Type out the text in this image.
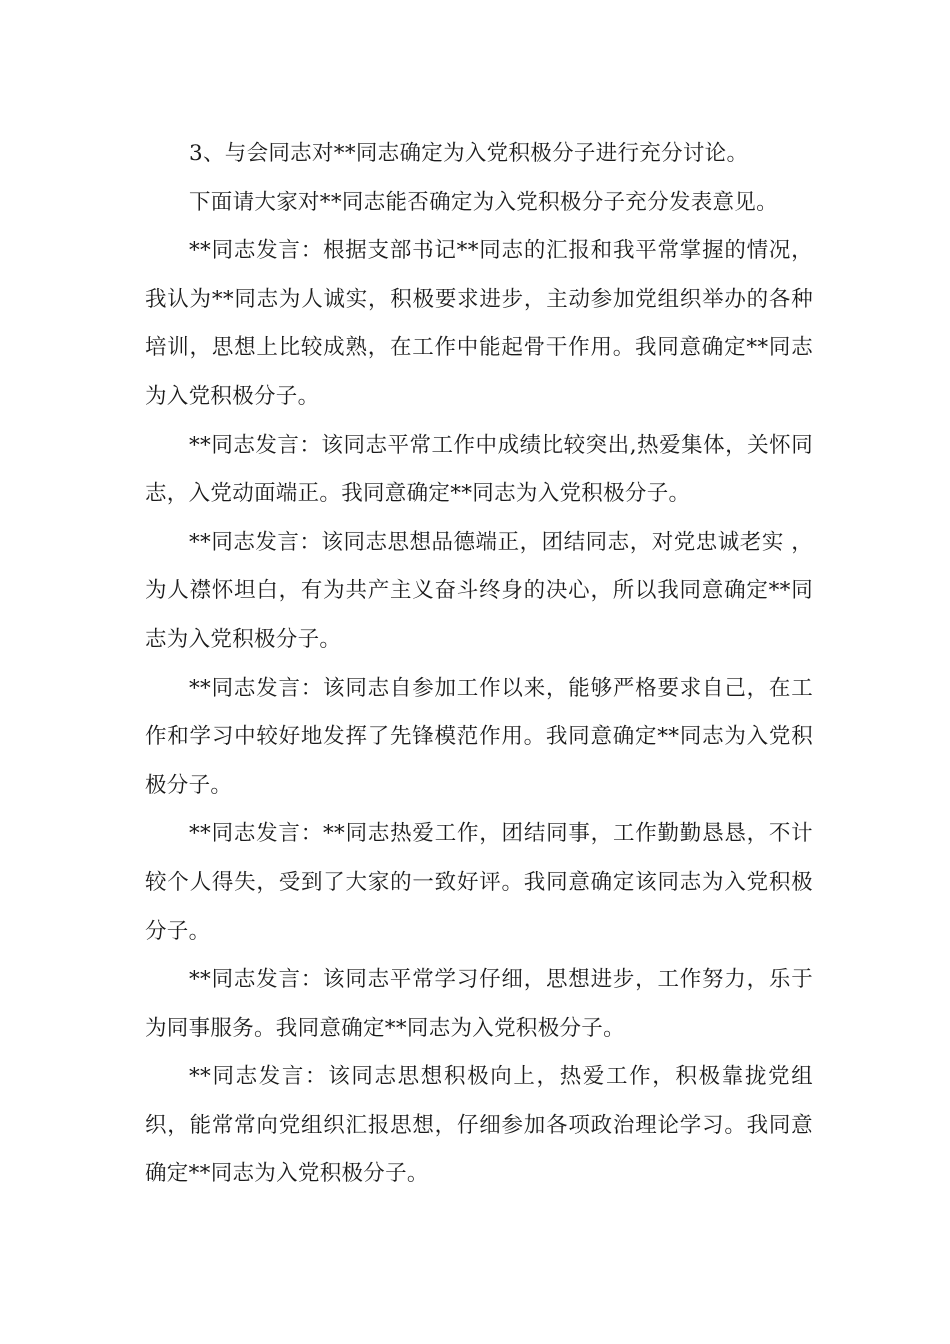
3、与会同志对**同志确定为入党积极分子进行充分讨论。

下面请大家对**同志能否确定为入党积极分子充分发表意见。

**同志发言：根据支部书记**同志的汇报和我平常掌握的情况，我认为**同志为人诚实，积极要求进步，主动参加党组织举办的各种培训，思想上比较成熟，在工作中能起骨干作用。我同意确定**同志为入党积极分子。

**同志发言：该同志平常工作中成绩比较突出,热爱集体，关怀同志，入党动面端正。我同意确定**同志为入党积极分子。

**同志发言：该同志思想品德端正，团结同志，对党忠诚老实 ，为人襟怀坦白，有为共产主义奋斗终身的决心，所以我同意确定**同志为入党积极分子。

**同志发言：该同志自参加工作以来，能够严格要求自己，在工作和学习中较好地发挥了先锋模范作用。我同意确定**同志为入党积极分子。

**同志发言：**同志热爱工作，团结同事，工作勤勤恳恳，不计较个人得失，受到了大家的一致好评。我同意确定该同志为入党积极分子。

**同志发言：该同志平常学习仔细，思想进步，工作努力，乐于为同事服务。我同意确定**同志为入党积极分子。

**同志发言：该同志思想积极向上，热爱工作，积极靠拢党组织，能常常向党组织汇报思想，仔细参加各项政治理论学习。我同意确定**同志为入党积极分子。
